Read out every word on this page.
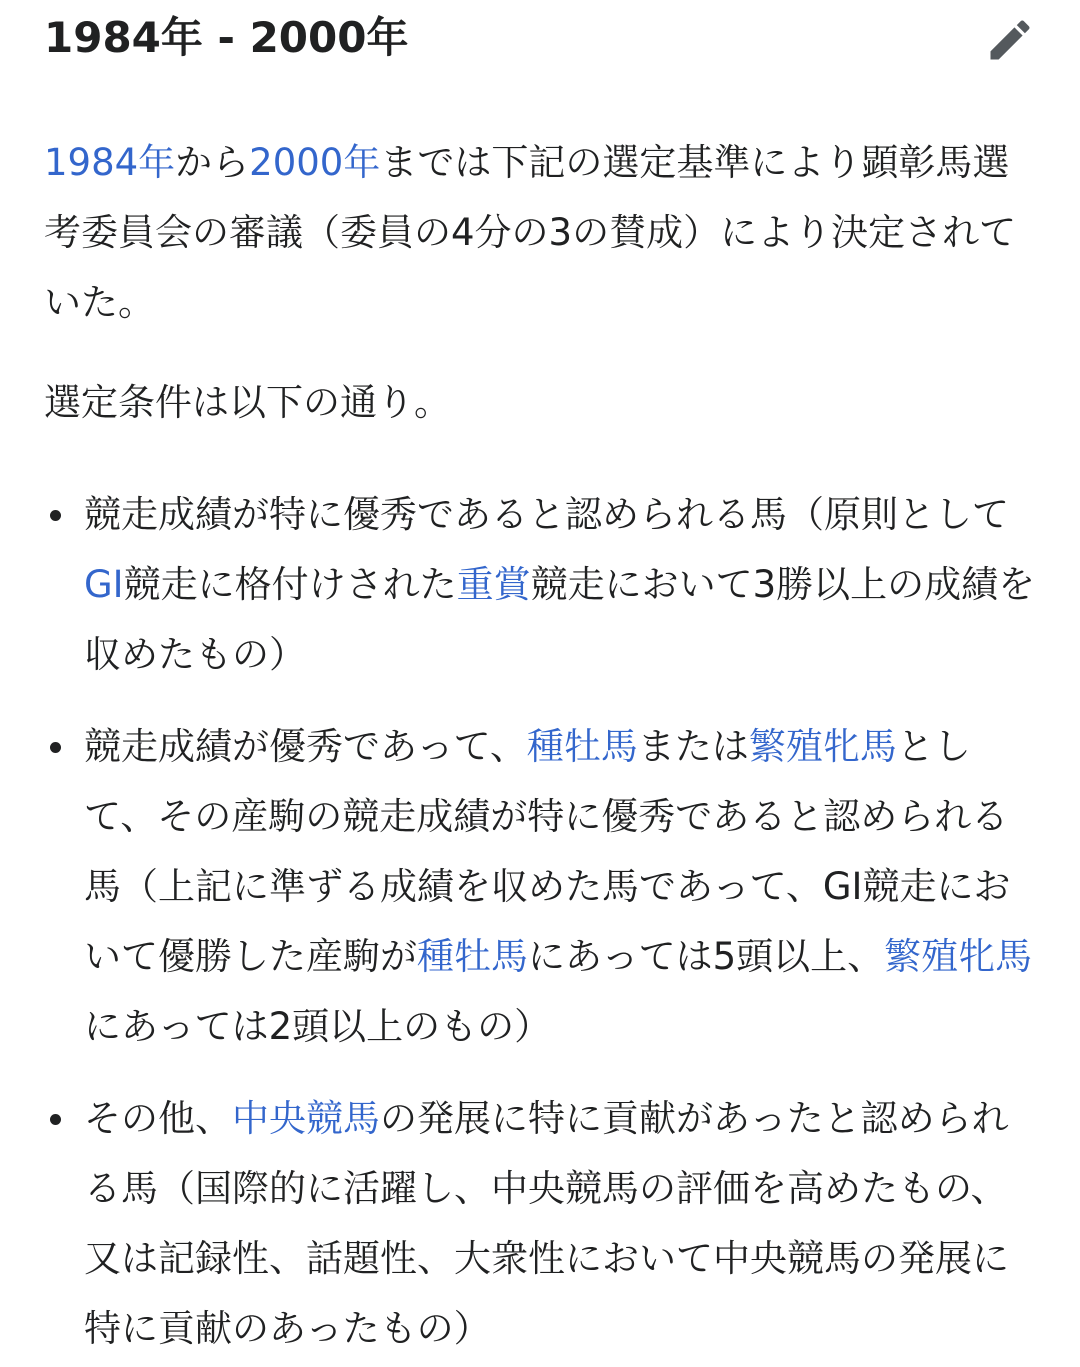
1984年 - 2000年

1984年から2000年までは下記の選定基準により顕彰馬選考委員会の審議（委員の4分の3の賛成）により決定されていた。

選定条件は以下の通り。

競走成績が特に優秀であると認められる馬（原則としてGI競走に格付けされた重賞競走において3勝以上の成績を収めたもの）
競走成績が優秀であって、種牡馬または繁殖牝馬として、その産駒の競走成績が特に優秀であると認められる馬（上記に準ずる成績を収めた馬であって、GI競走において優勝した産駒が種牡馬にあっては5頭以上、繁殖牝馬にあっては2頭以上のもの）
その他、中央競馬の発展に特に貢献があったと認められる馬（国際的に活躍し、中央競馬の評価を高めたもの、又は記録性、話題性、大衆性において中央競馬の発展に特に貢献のあったもの）
